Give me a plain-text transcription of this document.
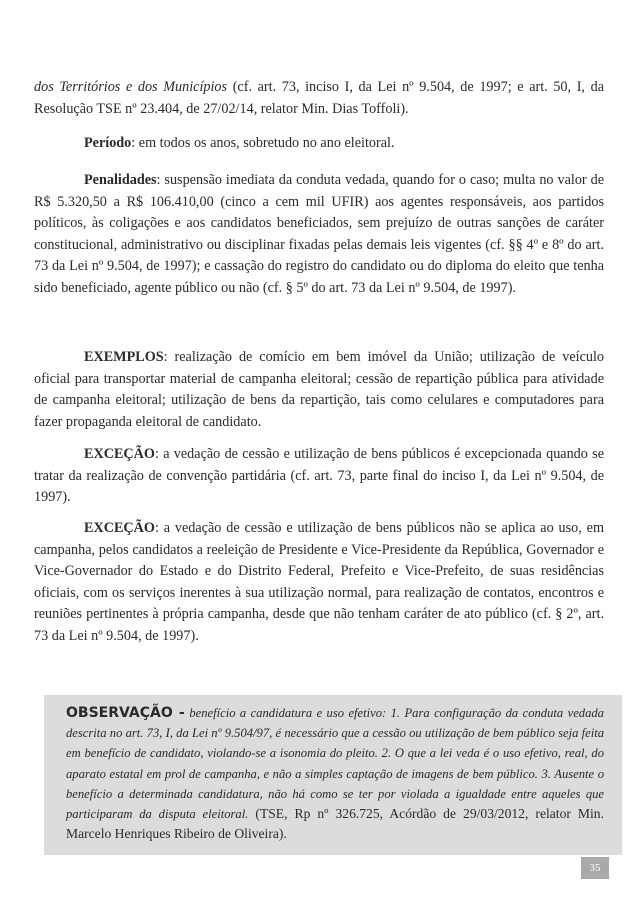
dos Territórios e dos Municípios (cf. art. 73, inciso I, da Lei nº 9.504, de 1997; e art. 50, I, da Resolução TSE nº 23.404, de 27/02/14, relator Min. Dias Toffoli).

Período: em todos os anos, sobretudo no ano eleitoral.

Penalidades: suspensão imediata da conduta vedada, quando for o caso; multa no valor de R$ 5.320,50 a R$ 106.410,00 (cinco a cem mil UFIR) aos agentes responsáveis, aos partidos políticos, às coligações e aos candidatos beneficiados, sem prejuízo de outras sanções de caráter constitucional, administrativo ou disciplinar fixadas pelas demais leis vigentes (cf. §§ 4º e 8º do art. 73 da Lei nº 9.504, de 1997); e cassação do registro do candidato ou do diploma do eleito que tenha sido beneficiado, agente público ou não (cf. § 5º do art. 73 da Lei nº 9.504, de 1997).

EXEMPLOS: realização de comício em bem imóvel da União; utilização de veículo oficial para transportar material de campanha eleitoral; cessão de repartição pública para atividade de campanha eleitoral; utilização de bens da repartição, tais como celulares e computadores para fazer propaganda eleitoral de candidato.

EXCEÇÃO: a vedação de cessão e utilização de bens públicos é excepcionada quando se tratar da realização de convenção partidária (cf. art. 73, parte final do inciso I, da Lei nº 9.504, de 1997).

EXCEÇÃO: a vedação de cessão e utilização de bens públicos não se aplica ao uso, em campanha, pelos candidatos a reeleição de Presidente e Vice-Presidente da República, Governador e Vice-Governador do Estado e do Distrito Federal, Prefeito e Vice-Prefeito, de suas residências oficiais, com os serviços inerentes à sua utilização normal, para realização de contatos, encontros e reuniões pertinentes à própria campanha, desde que não tenham caráter de ato público (cf. § 2º, art. 73 da Lei nº 9.504, de 1997).

OBSERVAÇÃO - benefício a candidatura e uso efetivo: 1. Para configuração da conduta vedada descrita no art. 73, I, da Lei nº 9.504/97, é necessário que a cessão ou utilização de bem público seja feita em benefício de candidato, violando-se a isonomia do pleito. 2. O que a lei veda é o uso efetivo, real, do aparato estatal em prol de campanha, e não a simples captação de imagens de bem público. 3. Ausente o benefício a determinada candidatura, não há como se ter por violada a igualdade entre aqueles que participaram da disputa eleitoral. (TSE, Rp nº 326.725, Acórdão de 29/03/2012, relator Min. Marcelo Henriques Ribeiro de Oliveira).

35
